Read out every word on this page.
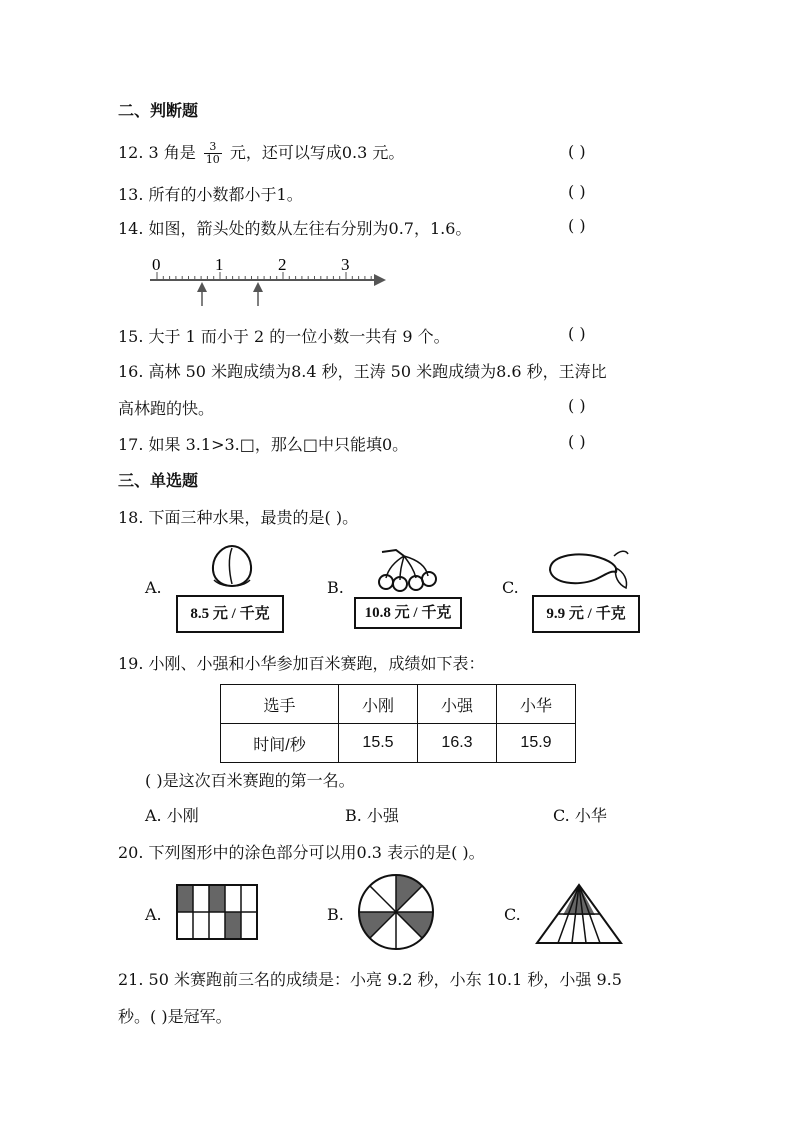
二、判断题
12. 3 角是 $\frac{3}{10}$ 元，还可以写成0.3 元。	( )
13. 所有的小数都小于1。	( )
14. 如图，箭头处的数从左往右分别为0.7，1.6。	( )
0	1	2	3
15. 大于 1 而小于 2 的一位小数一共有 9 个。	( )
16. 高林 50 米跑成绩为8.4 秒，王涛 50 米跑成绩为8.6 秒，王涛比
高林跑的快。	( )
17. 如果 3.1>3.□，那么□中只能填0。	( )
三、单选题
18. 下面三种水果，最贵的是( )。
A.
8.5 元 / 千克
B.
10.8 元 / 千克
C.
9.9 元 / 千克
19. 小刚、小强和小华参加百米赛跑，成绩如下表：
选手	小刚	小强	小华
时间/秒	15.5	16.3	15.9
( )是这次百米赛跑的第一名。
A. 小刚	B. 小强	C. 小华
20. 下列图形中的涂色部分可以用0.3 表示的是( )。
A.	B.	C.
21. 50 米赛跑前三名的成绩是：小亮 9.2 秒，小东 10.1 秒，小强 9.5
秒。( )是冠军。
